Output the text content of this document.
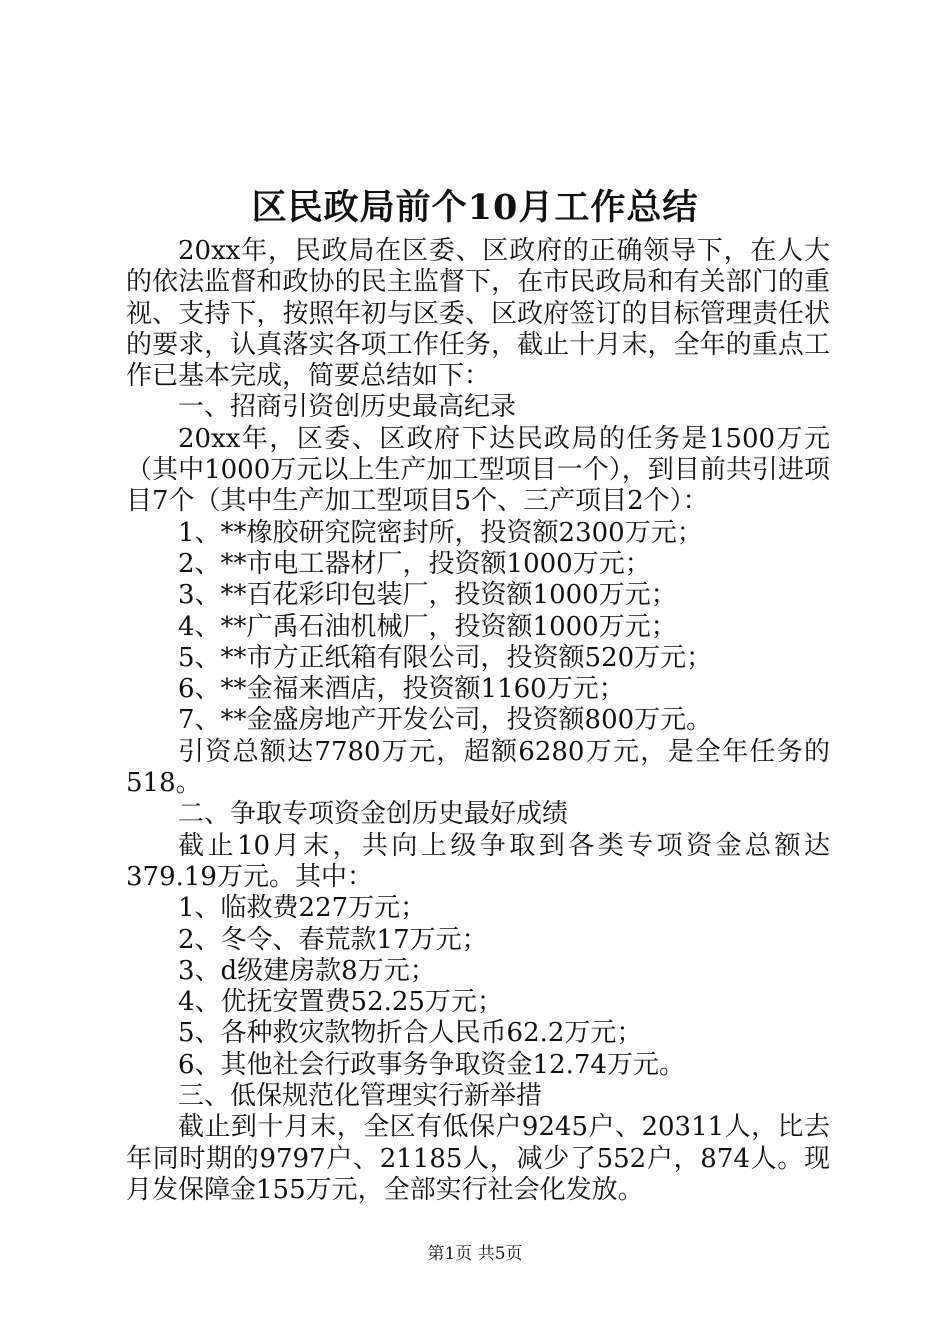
区民政局前个10月工作总结

20xx年，民政局在区委、区政府的正确领导下，在人大的依法监督和政协的民主监督下，在市民政局和有关部门的重视、支持下，按照年初与区委、区政府签订的目标管理责任状的要求，认真落实各项工作任务，截止十月末，全年的重点工作已基本完成，简要总结如下：

一、招商引资创历史最高纪录

20xx年，区委、区政府下达民政局的任务是1500万元（其中1000万元以上生产加工型项目一个），到目前共引进项目7个（其中生产加工型项目5个、三产项目2个）：

1、**橡胶研究院密封所，投资额2300万元；

2、**市电工器材厂，投资额1000万元；

3、**百花彩印包装厂，投资额1000万元；

4、**广禹石油机械厂，投资额1000万元；

5、**市方正纸箱有限公司，投资额520万元；

6、**金福来酒店，投资额1160万元；

7、**金盛房地产开发公司，投资额800万元。

引资总额达7780万元，超额6280万元，是全年任务的518。

二、争取专项资金创历史最好成绩

截止10月末，共向上级争取到各类专项资金总额达379.19万元。其中：

1、临救费227万元；

2、冬令、春荒款17万元；

3、d级建房款8万元；

4、优抚安置费52.25万元；

5、各种救灾款物折合人民币62.2万元；

6、其他社会行政事务争取资金12.74万元。

三、低保规范化管理实行新举措

截止到十月末，全区有低保户9245户、20311人，比去年同时期的9797户、21185人，减少了552户，874人。现月发保障金155万元，全部实行社会化发放。

第1页 共5页
